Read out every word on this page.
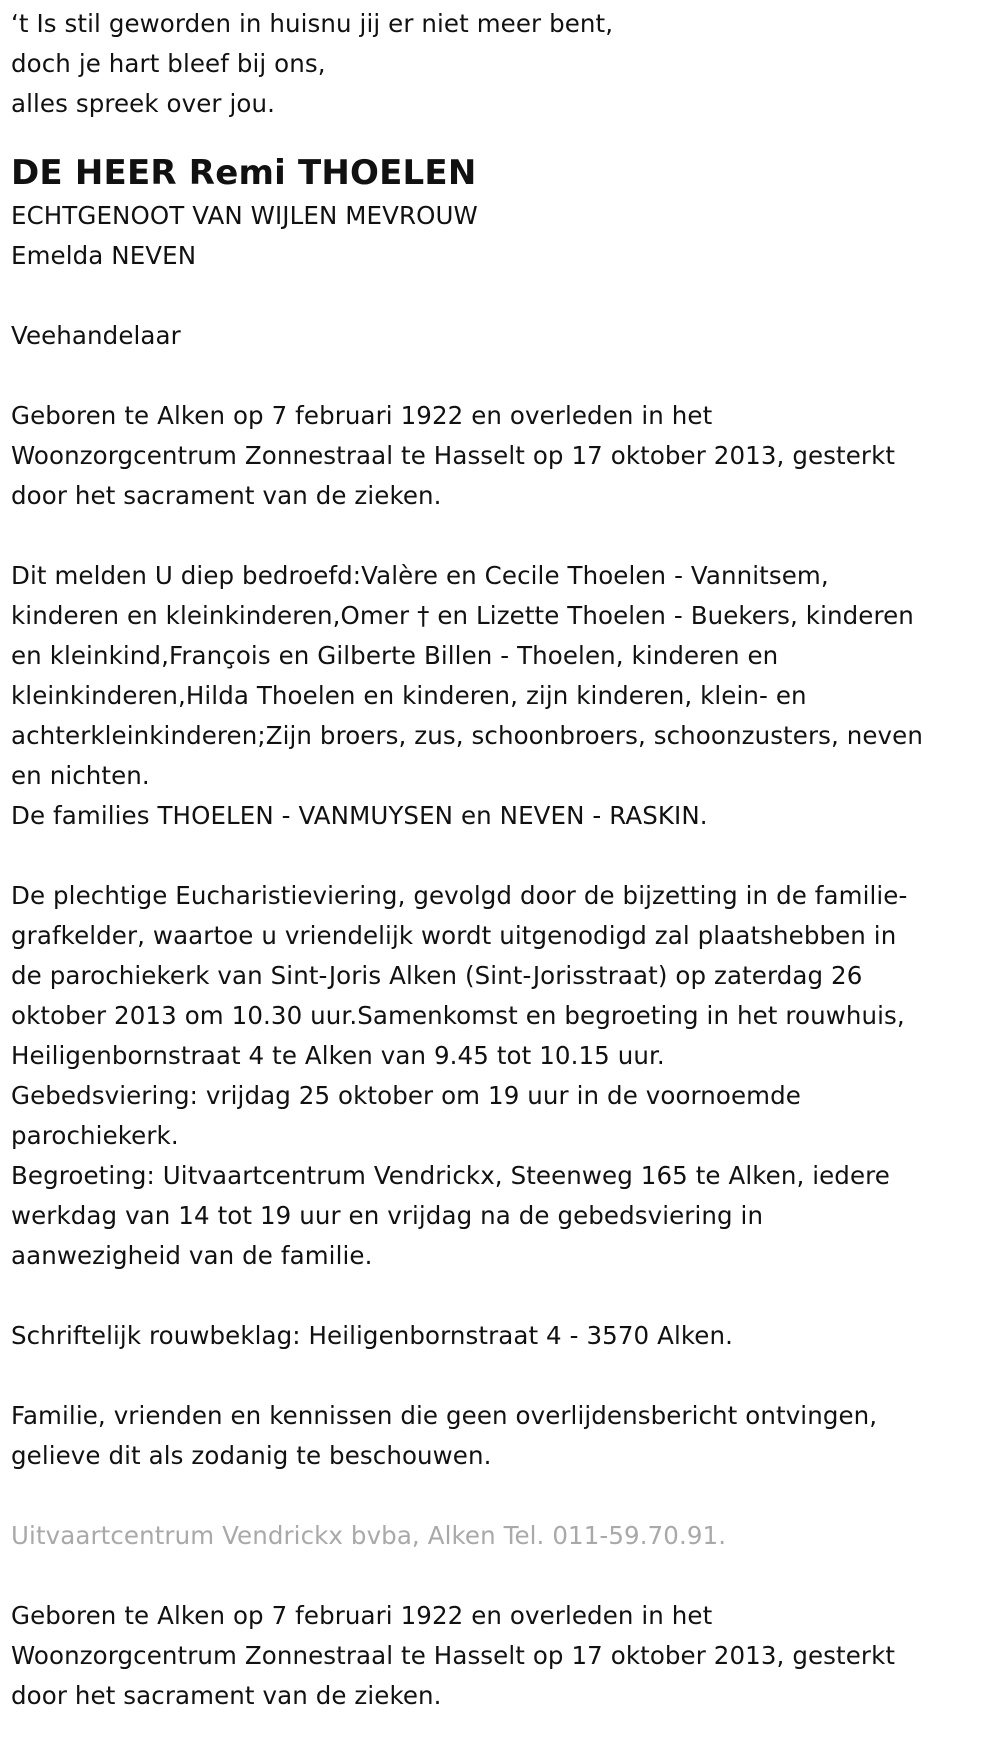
‘t Is stil geworden in huisnu jij er niet meer bent,

doch je hart bleef bij ons,

alles spreek over jou.

DE HEER Remi THOELEN

ECHTGENOOT VAN WIJLEN MEVROUW

Emelda NEVEN

Veehandelaar

Geboren te Alken op 7 februari 1922 en overleden in het

Woonzorgcentrum Zonnestraal te Hasselt op 17 oktober 2013, gesterkt

door het sacrament van de zieken.

Dit melden U diep bedroefd:Valère en Cecile Thoelen - Vannitsem,

kinderen en kleinkinderen,Omer † en Lizette Thoelen - Buekers, kinderen

en kleinkind,François en Gilberte Billen - Thoelen, kinderen en

kleinkinderen,Hilda Thoelen en kinderen, zijn kinderen, klein- en

achterkleinkinderen;Zijn broers, zus, schoonbroers, schoonzusters, neven

en nichten.

De families THOELEN - VANMUYSEN en NEVEN - RASKIN.

De plechtige Eucharistieviering, gevolgd door de bijzetting in de familie-

grafkelder, waartoe u vriendelijk wordt uitgenodigd zal plaatshebben in

de parochiekerk van Sint-Joris Alken (Sint-Jorisstraat) op zaterdag 26

oktober 2013 om 10.30 uur.Samenkomst en begroeting in het rouwhuis,

Heiligenbornstraat 4 te Alken van 9.45 tot 10.15 uur.

Gebedsviering: vrijdag 25 oktober om 19 uur in de voornoemde

parochiekerk.

Begroeting: Uitvaartcentrum Vendrickx, Steenweg 165 te Alken, iedere

werkdag van 14 tot 19 uur en vrijdag na de gebedsviering in

aanwezigheid van de familie.

Schriftelijk rouwbeklag: Heiligenbornstraat 4 - 3570 Alken.

Familie, vrienden en kennissen die geen overlijdensbericht ontvingen,

gelieve dit als zodanig te beschouwen.

Uitvaartcentrum Vendrickx bvba, Alken Tel. 011-59.70.91.

Geboren te Alken op 7 februari 1922 en overleden in het

Woonzorgcentrum Zonnestraal te Hasselt op 17 oktober 2013, gesterkt

door het sacrament van de zieken.
